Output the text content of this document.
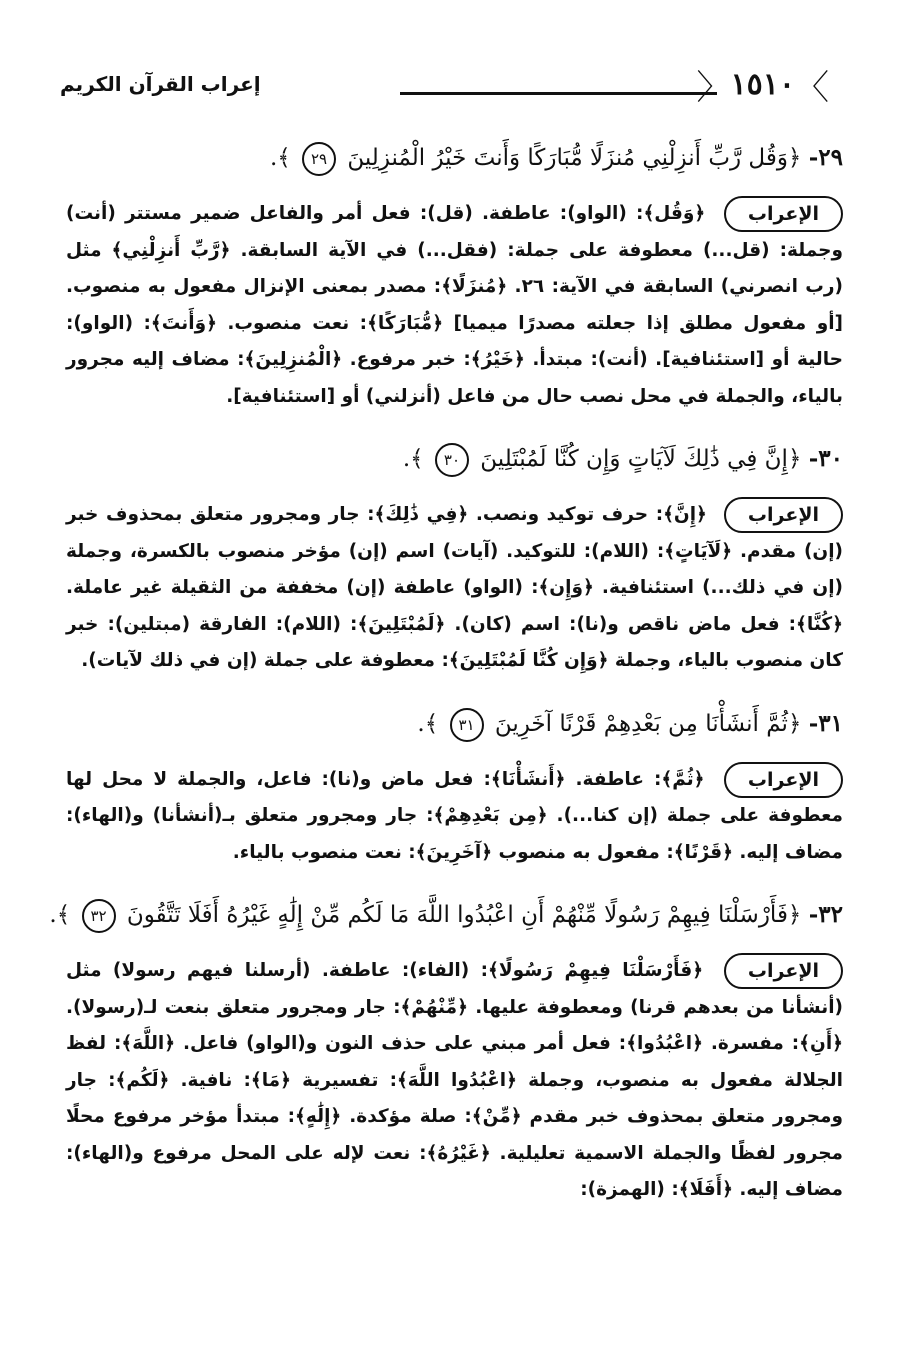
〉
١٥١٠
〈
إعراب القرآن الكريم
٢٩- ﴿وَقُل رَّبِّ أَنزِلْنِي مُنزَلًا مُّبَارَكًا وَأَنتَ خَيْرُ الْمُنزِلِينَ ٢٩ ﴾.
الإعراب ﴿وَقُل﴾: (الواو): عاطفة. (قل): فعل أمر والفاعل ضمير مستتر (أنت) وجملة: (قل...) معطوفة على جملة: (فقل...) في الآية السابقة. ﴿رَّبِّ أَنزِلْنِي﴾ مثل (رب انصرني) السابقة في الآية: ٢٦. ﴿مُنزَلًا﴾: مصدر بمعنى الإنزال مفعول به منصوب. [أو مفعول مطلق إذا جعلته مصدرًا ميميا] ﴿مُّبَارَكًا﴾: نعت منصوب. ﴿وَأَنتَ﴾: (الواو): حالية أو [استئنافية]. (أنت): مبتدأ. ﴿خَيْرُ﴾: خبر مرفوع. ﴿الْمُنزِلِينَ﴾: مضاف إليه مجرور بالياء، والجملة في محل نصب حال من فاعل (أنزلني) أو [استئنافية].
٣٠- ﴿إِنَّ فِي ذَٰلِكَ لَآيَاتٍ وَإِن كُنَّا لَمُبْتَلِينَ ٣٠ ﴾.
الإعراب ﴿إِنَّ﴾: حرف توكيد ونصب. ﴿فِي ذَٰلِكَ﴾: جار ومجرور متعلق بمحذوف خبر (إن) مقدم. ﴿لَآيَاتٍ﴾: (اللام): للتوكيد. (آيات) اسم (إن) مؤخر منصوب بالكسرة، وجملة (إن في ذلك...) استئنافية. ﴿وَإِن﴾: (الواو) عاطفة (إن) مخففة من الثقيلة غير عاملة. ﴿كُنَّا﴾: فعل ماض ناقص و(نا): اسم (كان). ﴿لَمُبْتَلِينَ﴾: (اللام): الفارقة (مبتلين): خبر كان منصوب بالياء، وجملة ﴿وَإِن كُنَّا لَمُبْتَلِينَ﴾: معطوفة على جملة (إن في ذلك لآيات).
٣١- ﴿ثُمَّ أَنشَأْنَا مِن بَعْدِهِمْ قَرْنًا آخَرِينَ ٣١ ﴾.
الإعراب ﴿ثُمَّ﴾: عاطفة. ﴿أَنشَأْنَا﴾: فعل ماض و(نا): فاعل، والجملة لا محل لها معطوفة على جملة (إن كنا...). ﴿مِن بَعْدِهِمْ﴾: جار ومجرور متعلق بـ(أنشأنا) و(الهاء): مضاف إليه. ﴿قَرْنًا﴾: مفعول به منصوب ﴿آخَرِينَ﴾: نعت منصوب بالياء.
٣٢- ﴿فَأَرْسَلْنَا فِيهِمْ رَسُولًا مِّنْهُمْ أَنِ اعْبُدُوا اللَّهَ مَا لَكُم مِّنْ إِلَٰهٍ غَيْرُهُ أَفَلَا تَتَّقُونَ ٣٢ ﴾.
الإعراب ﴿فَأَرْسَلْنَا فِيهِمْ رَسُولًا﴾: (الفاء): عاطفة. (أرسلنا فيهم رسولا) مثل (أنشأنا من بعدهم قرنا) ومعطوفة عليها. ﴿مِّنْهُمْ﴾: جار ومجرور متعلق بنعت لـ(رسولا). ﴿أَنِ﴾: مفسرة. ﴿اعْبُدُوا﴾: فعل أمر مبني على حذف النون و(الواو) فاعل. ﴿اللَّهَ﴾: لفظ الجلالة مفعول به منصوب، وجملة ﴿اعْبُدُوا اللَّهَ﴾: تفسيرية ﴿مَا﴾: نافية. ﴿لَكُم﴾: جار ومجرور متعلق بمحذوف خبر مقدم ﴿مِّنْ﴾: صلة مؤكدة. ﴿إِلَٰهٍ﴾: مبتدأ مؤخر مرفوع محلًا مجرور لفظًا والجملة الاسمية تعليلية. ﴿غَيْرُهُ﴾: نعت لإله على المحل مرفوع و(الهاء): مضاف إليه. ﴿أَفَلَا﴾: (الهمزة):
